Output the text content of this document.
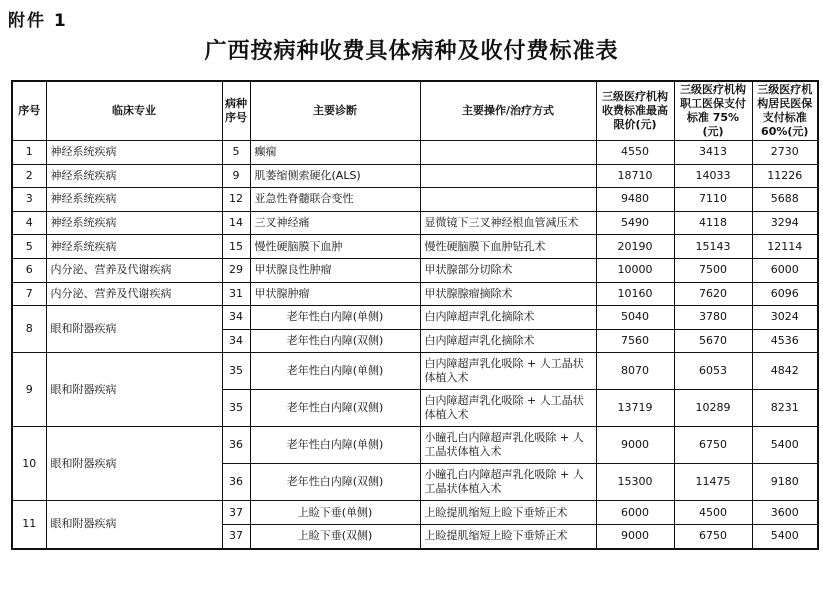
附件 1
广西按病种收费具体病种及收付费标准表
序号	临床专业	病种序号	主要诊断	主要操作/治疗方式	三级医疗机构收费标准最高限价(元)	三级医疗机构职工医保支付标准 75%(元)	三级医疗机构居民医保支付标准 60%(元)
1	神经系统疾病	5	癫痫		4550	3413	2730
2	神经系统疾病	9	肌萎缩侧索硬化(ALS)		18710	14033	11226
3	神经系统疾病	12	亚急性脊髓联合变性		9480	7110	5688
4	神经系统疾病	14	三叉神经痛	显微镜下三叉神经根血管减压术	5490	4118	3294
5	神经系统疾病	15	慢性硬脑膜下血肿	慢性硬脑膜下血肿钻孔术	20190	15143	12114
6	内分泌、营养及代谢疾病	29	甲状腺良性肿瘤	甲状腺部分切除术	10000	7500	6000
7	内分泌、营养及代谢疾病	31	甲状腺肿瘤	甲状腺腺瘤摘除术	10160	7620	6096
8	眼和附器疾病	34	老年性白内障(单侧)	白内障超声乳化摘除术	5040	3780	3024
		34	老年性白内障(双侧)	白内障超声乳化摘除术	7560	5670	4536
9	眼和附器疾病	35	老年性白内障(单侧)	白内障超声乳化吸除 + 人工晶状体植入术	8070	6053	4842
		35	老年性白内障(双侧)	白内障超声乳化吸除 + 人工晶状体植入术	13719	10289	8231
10	眼和附器疾病	36	老年性白内障(单侧)	小瞳孔白内障超声乳化吸除 + 人工晶状体植入术	9000	6750	5400
		36	老年性白内障(双侧)	小瞳孔白内障超声乳化吸除 + 人工晶状体植入术	15300	11475	9180
11	眼和附器疾病	37	上睑下垂(单侧)	上睑提肌缩短上睑下垂矫正术	6000	4500	3600
		37	上睑下垂(双侧)	上睑提肌缩短上睑下垂矫正术	9000	6750	5400
